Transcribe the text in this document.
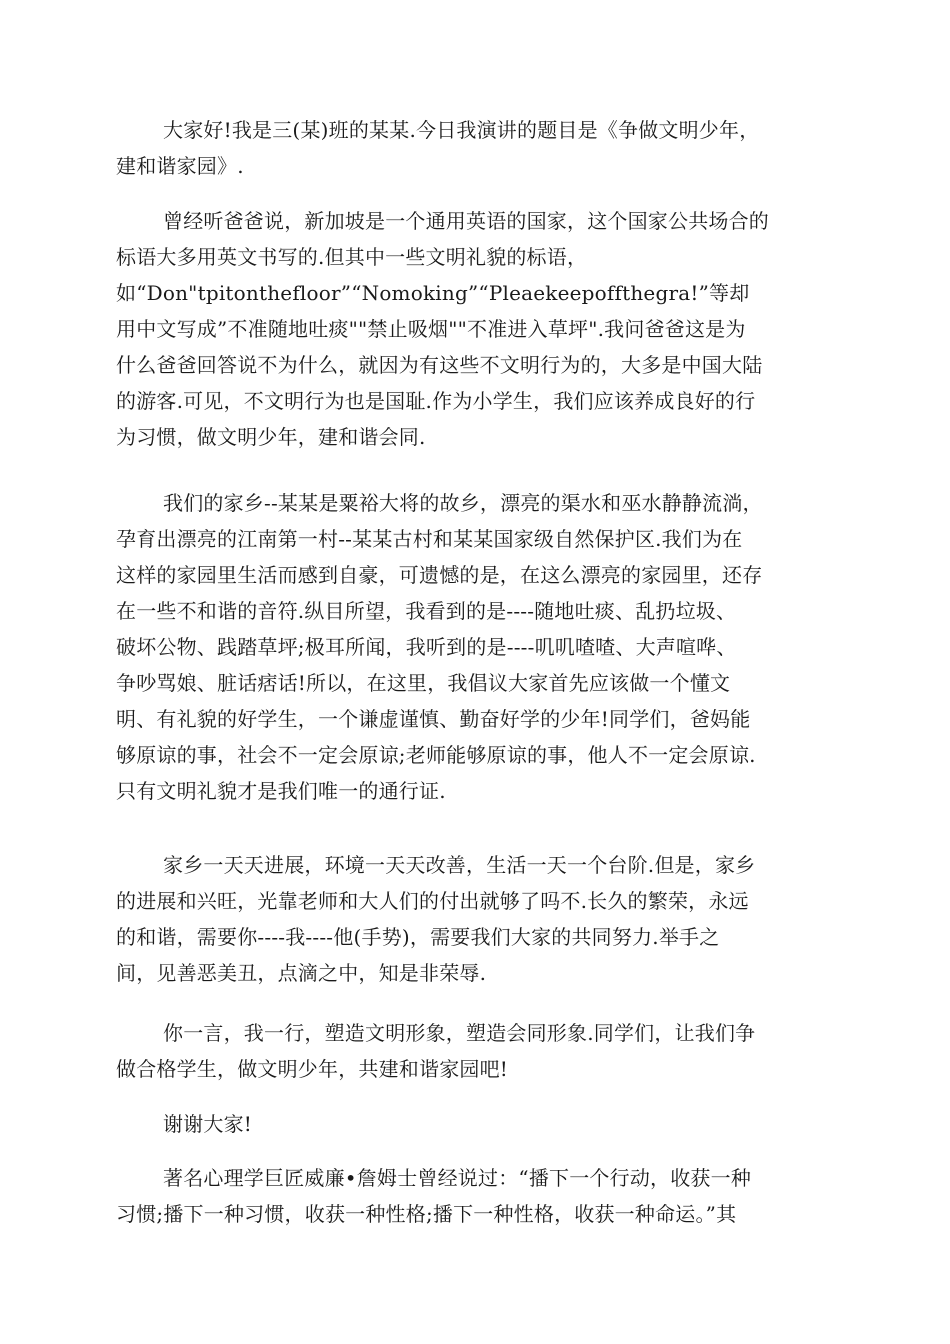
大家好!我是三(某)班的某某.今日我演讲的题目是《争做文明少年，
建和谐家园》.
曾经听爸爸说，新加坡是一个通用英语的国家，这个国家公共场合的
标语大多用英文书写的.但其中一些文明礼貌的标语，
如“Don"tpitonthefloor”“Nomoking”“Pleaekeepoffthegra!”等却
用中文写成”不准随地吐痰""禁止吸烟""不准进入草坪".我问爸爸这是为
什么爸爸回答说不为什么，就因为有这些不文明行为的，大多是中国大陆
的游客.可见，不文明行为也是国耻.作为小学生，我们应该养成良好的行
为习惯，做文明少年，建和谐会同.
我们的家乡--某某是粟裕大将的故乡，漂亮的渠水和巫水静静流淌，
孕育出漂亮的江南第一村--某某古村和某某国家级自然保护区.我们为在
这样的家园里生活而感到自豪，可遗憾的是，在这么漂亮的家园里，还存
在一些不和谐的音符.纵目所望，我看到的是----随地吐痰、乱扔垃圾、
破坏公物、践踏草坪;极耳所闻，我听到的是----叽叽喳喳、大声喧哗、
争吵骂娘、脏话痞话!所以，在这里，我倡议大家首先应该做一个懂文
明、有礼貌的好学生，一个谦虚谨慎、勤奋好学的少年!同学们，爸妈能
够原谅的事，社会不一定会原谅;老师能够原谅的事，他人不一定会原谅.
只有文明礼貌才是我们唯一的通行证.
家乡一天天进展，环境一天天改善，生活一天一个台阶.但是，家乡
的进展和兴旺，光靠老师和大人们的付出就够了吗不.长久的繁荣，永远
的和谐，需要你----我----他(手势)，需要我们大家的共同努力.举手之
间，见善恶美丑，点滴之中，知是非荣辱.
你一言，我一行，塑造文明形象，塑造会同形象.同学们，让我们争
做合格学生，做文明少年，共建和谐家园吧!
谢谢大家!
著名心理学巨匠威廉•詹姆士曾经说过：“播下一个行动，收获一种
习惯;播下一种习惯，收获一种性格;播下一种性格，收获一种命运。”其
